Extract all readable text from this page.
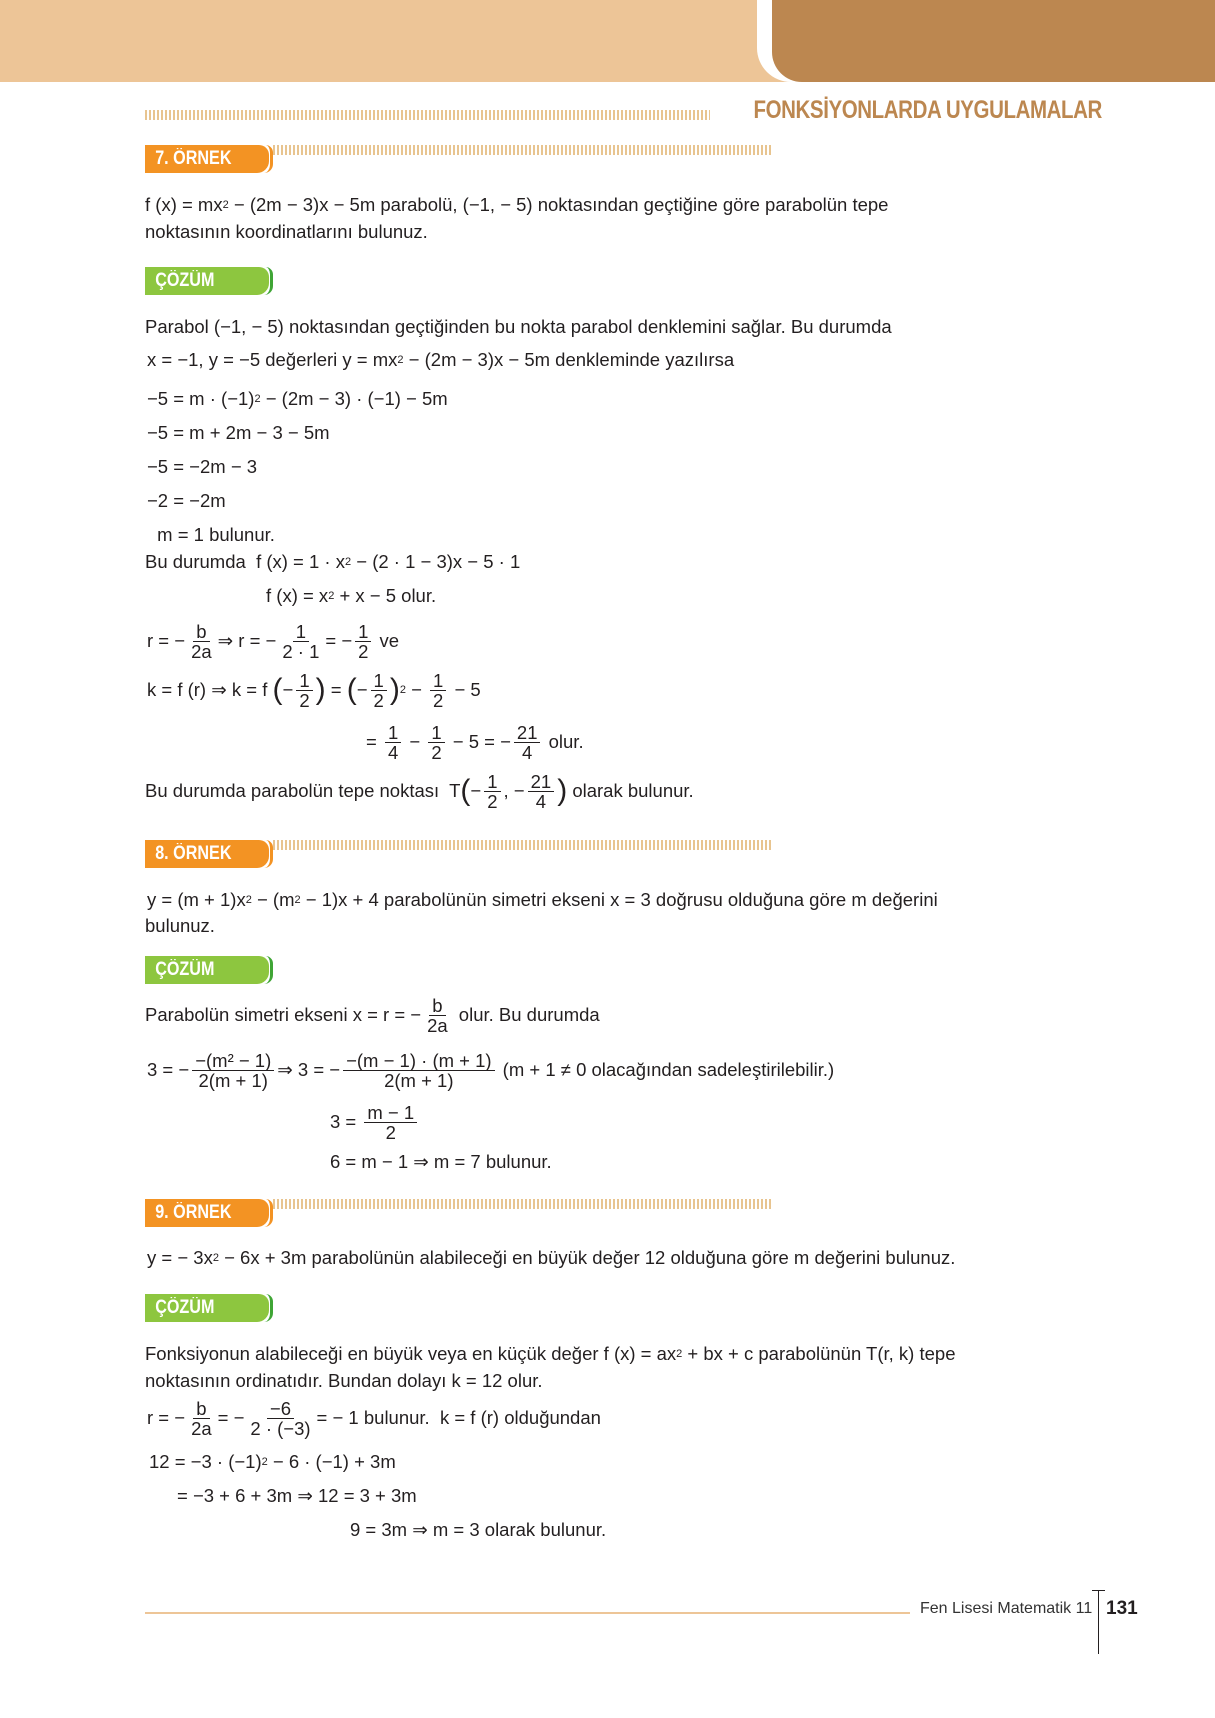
FONKSİYONLARDA UYGULAMALAR
7. ÖRNEK
f (x) = mx 2 − (2m − 3)x − 5m parabolü, (−1, − 5) noktasından geçtiğine göre parabolün tepe
noktasının koordinatlarını bulunuz.
ÇÖZÜM
Parabol (−1, − 5) noktasından geçtiğinden bu nokta parabol denklemini sağlar. Bu durumda
x = −1, y = −5 değerleri y = mx 2 − (2m − 3)x − 5m denkleminde yazılırsa
−5 = m · (−1) 2 − (2m − 3) · (−1) − 5m
−5 = m + 2m − 3 − 5m
−5 = −2m − 3
−2 = −2m
m = 1 bulunur.
Bu durumda  f (x) = 1 · x 2 − (2 · 1 − 3)x − 5 · 1
f (x) = x 2 + x − 5 olur.
r = − $\frac{b}{2a}$ ⇒ r = − $\frac{1}{2 \cdot 1}$ = − $\frac{1}{2}$ ve
k = f (r) ⇒ k = f ( − $\frac{1}{2}$ ) = ( − $\frac{1}{2}$ ) $2 - \frac{1}{2} - 5$
= $\frac{1}{4} - \frac{1}{2} - 5$ = − $\frac{21}{4}$ olur.
Bu durumda parabolün tepe noktası  T ( − $\frac{1}{2}$ , − $\frac{21}{4}$ ) olarak bulunur.
8. ÖRNEK
y = (m + 1)x 2 − (m 2 − 1)x + 4 parabolünün simetri ekseni x = 3 doğrusu olduğuna göre m değerini
bulunuz.
ÇÖZÜM
Parabolün simetri ekseni x = r = − $\frac{b}{2a}$ olur. Bu durumda
3 = − $\frac{\text{−(m² − 1)}}{2(m + 1)}$ ⇒ 3 = − $\frac{-(m - 1) \cdot (m + 1)}{2(m + 1)} (m + 1 \ne 0$ olacağından sadeleştirilebilir.)
$3 = \frac{m - 1}{2}$
6 = m − 1 ⇒ m = 7 bulunur.
9. ÖRNEK
y = − 3x 2 − 6x + 3m parabolünün alabileceği en büyük değer 12 olduğuna göre m değerini bulunuz.
ÇÖZÜM
Fonksiyonun alabileceği en büyük veya en küçük değer f (x) = ax 2 + bx + c parabolünün T(r, k) tepe
noktasının ordinatıdır. Bundan dolayı k = 12 olur.
r = − $\frac{b}{2a}$ = − $\frac{-6}{2 \cdot (-3)}$ = − 1 bulunur.  k = f (r) olduğundan
12 = −3 · (−1) 2 − 6 · (−1) + 3m
= −3 + 6 + 3m ⇒ 12 = 3 + 3m
9 = 3m ⇒ m = 3 olarak bulunur.
Fen Lisesi Matematik 11 131
